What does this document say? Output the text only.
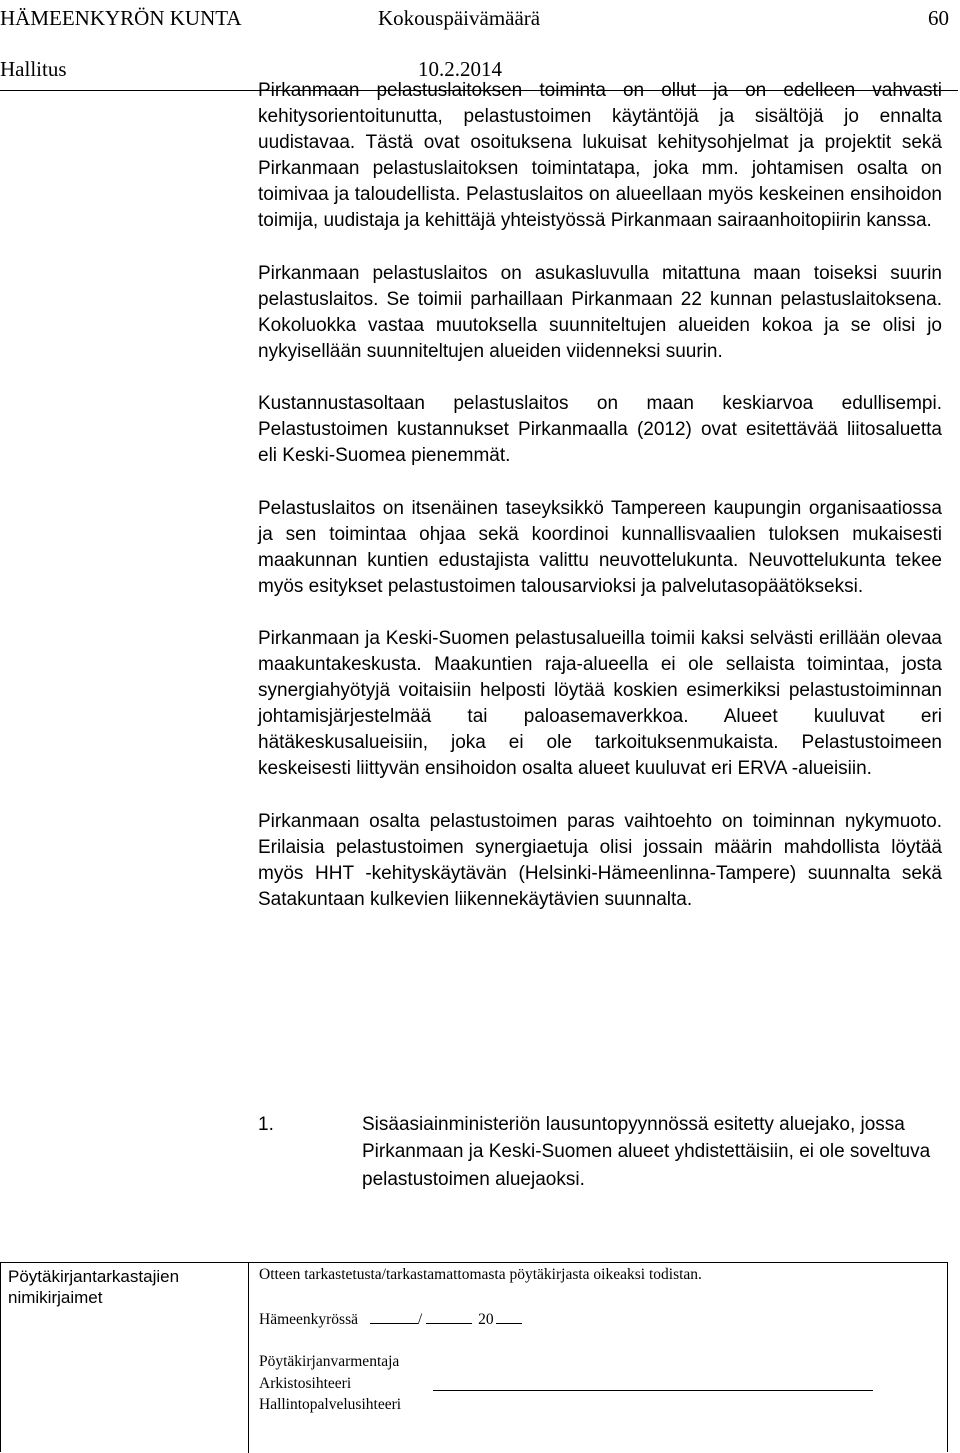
HÄMEENKYRÖN KUNTA	Kokouspäivämäärä	60
Hallitus	10.2.2014

Pirkanmaan pelastuslaitoksen toiminta on ollut ja on edelleen vahvasti kehitysorientoitunutta, pelastustoimen käytäntöjä ja sisältöjä jo ennalta uudistavaa. Tästä ovat osoituksena lukuisat kehitysohjelmat ja projektit sekä Pirkanmaan pelastuslaitoksen toimintatapa, joka mm. johtamisen osalta on toimivaa ja taloudellista. Pelastuslaitos on alueellaan myös keskeinen ensihoidon toimija, uudistaja ja kehittäjä yhteistyössä Pirkanmaan sairaanhoitopiirin kanssa.

Pirkanmaan pelastuslaitos on asukasluvulla mitattuna maan toiseksi suurin pelastuslaitos. Se toimii parhaillaan Pirkanmaan 22 kunnan pelastuslaitoksena. Kokoluokka vastaa muutoksella suunniteltujen alueiden kokoa ja se olisi jo nykyisellään suunniteltujen alueiden viidenneksi suurin.

Kustannustasoltaan pelastuslaitos on maan keskiarvoa edullisempi. Pelastustoimen kustannukset Pirkanmaalla (2012) ovat esitettävää liitosaluetta eli Keski-Suomea pienemmät.

Pelastuslaitos on itsenäinen taseyksikkö Tampereen kaupungin organisaatiossa ja sen toimintaa ohjaa sekä koordinoi kunnallisvaalien tuloksen mukaisesti maakunnan kuntien edustajista valittu neuvottelukunta. Neuvottelukunta tekee myös esitykset pelastustoimen talousarvioksi ja palvelutasopäätökseksi.

Pirkanmaan ja Keski-Suomen pelastusalueilla toimii kaksi selvästi erillään olevaa maakuntakeskusta. Maakuntien raja-alueella ei ole sellaista toimintaa, josta synergiahyötyjä voitaisiin helposti löytää koskien esimerkiksi pelastustoiminnan johtamisjärjestelmää tai paloasemaverkkoa. Alueet kuuluvat eri hätäkeskusalueisiin, joka ei ole tarkoituksenmukaista. Pelastustoimeen keskeisesti liittyvän ensihoidon osalta alueet kuuluvat eri ERVA -alueisiin.

Pirkanmaan osalta pelastustoimen paras vaihtoehto on toiminnan nykymuoto. Erilaisia pelastustoimen synergiaetuja olisi jossain määrin mahdollista löytää myös HHT -kehityskäytävän (Helsinki-Hämeenlinna-Tampere) suunnalta sekä Satakuntaan kulkevien liikennekäytävien suunnalta.

1.	Sisäasiainministeriön lausuntopyynnössä esitetty aluejako, jossa Pirkanmaan ja Keski-Suomen alueet yhdistettäisiin, ei ole soveltuva pelastustoimen aluejaoksi.
Pöytäkirjantarkastajien
nimikirjaimet
Otteen tarkastetusta/tarkastamattomasta pöytäkirjasta oikeaksi todistan.
Hämeenkyrössä	/	20
Pöytäkirjanvarmentaja
Arkistosihteeri
Hallintopalvelusihteeri
